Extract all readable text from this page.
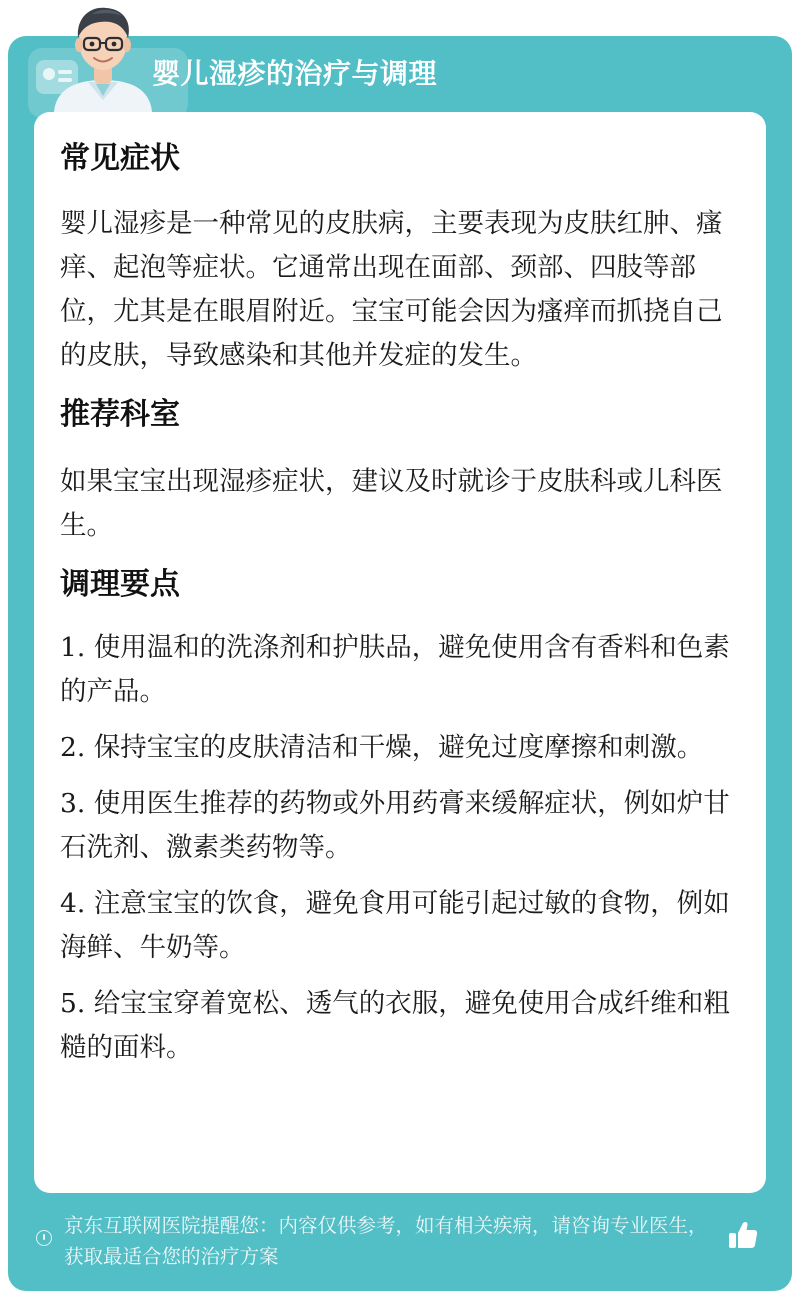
婴儿湿疹的治疗与调理
常见症状

婴儿湿疹是一种常见的皮肤病，主要表现为皮肤红肿、瘙痒、起泡等症状。它通常出现在面部、颈部、四肢等部位，尤其是在眼眉附近。宝宝可能会因为瘙痒而抓挠自己的皮肤，导致感染和其他并发症的发生。

推荐科室

如果宝宝出现湿疹症状，建议及时就诊于皮肤科或儿科医生。

调理要点
1. 使用温和的洗涤剂和护肤品，避免使用含有香料和色素的产品。
2. 保持宝宝的皮肤清洁和干燥，避免过度摩擦和刺激。
3. 使用医生推荐的药物或外用药膏来缓解症状，例如炉甘石洗剂、激素类药物等。
4. 注意宝宝的饮食，避免食用可能引起过敏的食物，例如海鲜、牛奶等。
5. 给宝宝穿着宽松、透气的衣服，避免使用合成纤维和粗糙的面料。
京东互联网医院提醒您：内容仅供参考，如有相关疾病，请咨询专业医生，获取最适合您的治疗方案
